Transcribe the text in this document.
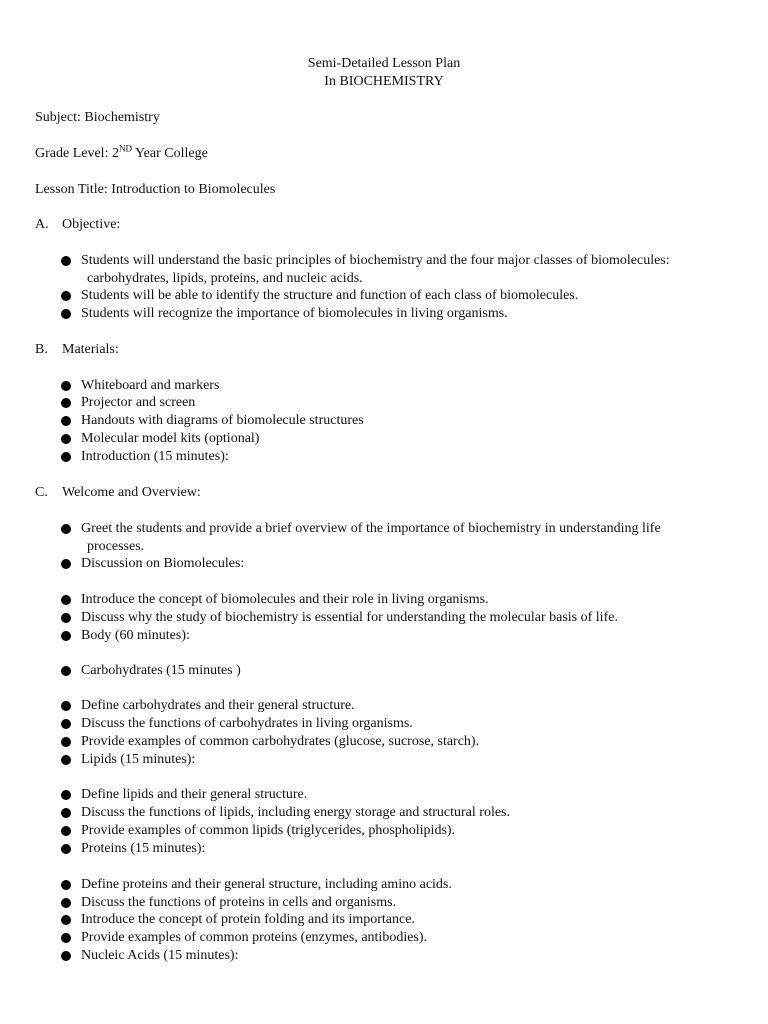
Semi-Detailed Lesson Plan
In BIOCHEMISTRY
Subject: Biochemistry
Grade Level: 2ND Year College
Lesson Title: Introduction to Biomolecules
A. Objective:
Students will understand the basic principles of biochemistry and the four major classes of biomolecules:
carbohydrates, lipids, proteins, and nucleic acids.
Students will be able to identify the structure and function of each class of biomolecules.
Students will recognize the importance of biomolecules in living organisms.
B. Materials:
Whiteboard and markers
Projector and screen
Handouts with diagrams of biomolecule structures
Molecular model kits (optional)
Introduction (15 minutes):
C. Welcome and Overview:
Greet the students and provide a brief overview of the importance of biochemistry in understanding life
processes.
Discussion on Biomolecules:
Introduce the concept of biomolecules and their role in living organisms.
Discuss why the study of biochemistry is essential for understanding the molecular basis of life.
Body (60 minutes):
Carbohydrates (15 minutes )
Define carbohydrates and their general structure.
Discuss the functions of carbohydrates in living organisms.
Provide examples of common carbohydrates (glucose, sucrose, starch).
Lipids (15 minutes):
Define lipids and their general structure.
Discuss the functions of lipids, including energy storage and structural roles.
Provide examples of common lipids (triglycerides, phospholipids).
Proteins (15 minutes):
Define proteins and their general structure, including amino acids.
Discuss the functions of proteins in cells and organisms.
Introduce the concept of protein folding and its importance.
Provide examples of common proteins (enzymes, antibodies).
Nucleic Acids (15 minutes):
